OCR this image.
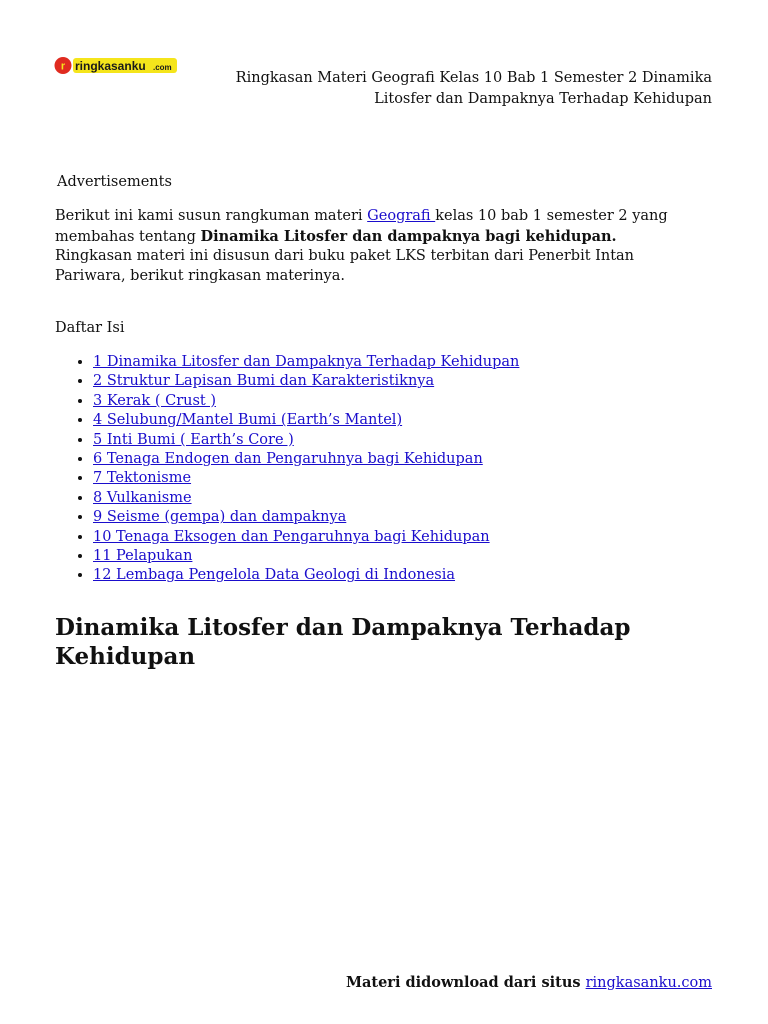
r ringkasanku .com
Ringkasan Materi Geografi Kelas 10 Bab 1 Semester 2 Dinamika Litosfer dan Dampaknya Terhadap Kehidupan
Advertisements

Berikut ini kami susun rangkuman materi Geografi kelas 10 bab 1 semester 2 yang membahas tentang Dinamika Litosfer dan dampaknya bagi kehidupan. Ringkasan materi ini disusun dari buku paket LKS terbitan dari Penerbit Intan Pariwara, berikut ringkasan materinya.

Daftar Isi
• 1 Dinamika Litosfer dan Dampaknya Terhadap Kehidupan
• 2 Struktur Lapisan Bumi dan Karakteristiknya
• 3 Kerak ( Crust )
• 4 Selubung/Mantel Bumi (Earth’s Mantel)
• 5 Inti Bumi ( Earth’s Core )
• 6 Tenaga Endogen dan Pengaruhnya bagi Kehidupan
• 7 Tektonisme
• 8 Vulkanisme
• 9 Seisme (gempa) dan dampaknya
• 10 Tenaga Eksogen dan Pengaruhnya bagi Kehidupan
• 11 Pelapukan
• 12 Lembaga Pengelola Data Geologi di Indonesia
Dinamika Litosfer dan Dampaknya Terhadap Kehidupan
Materi didownload dari situs ringkasanku.com
